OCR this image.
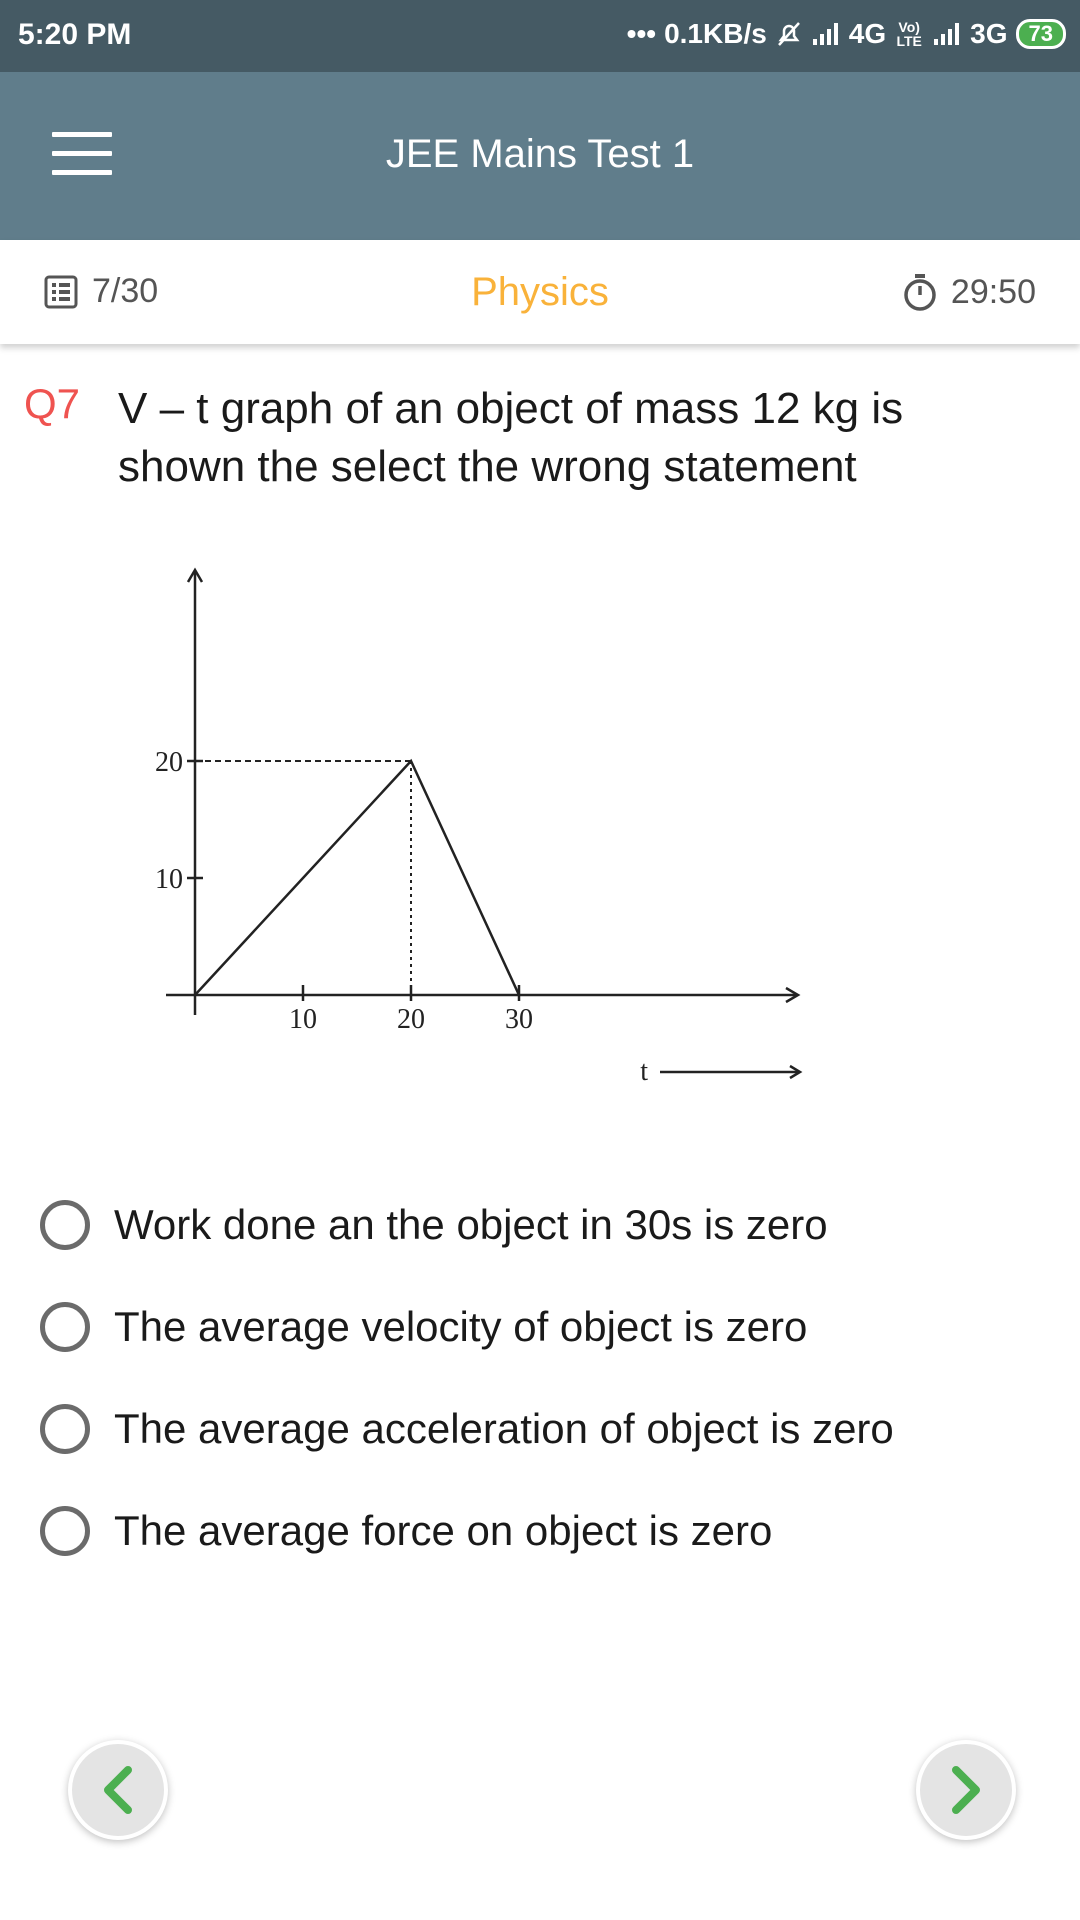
5:20 PM	••• 0.1KB/s	4G Vo) LTE 3G 73
JEE Mains Test 1
7/30	Physics	29:50
Q7 V – t graph of an object of mass 12 kg is shown the select the wrong statement
10
20
10	20	30
t
Work done an the object in 30s is zero
The average velocity of object is zero
The average acceleration of object is zero
The average force on object is zero
